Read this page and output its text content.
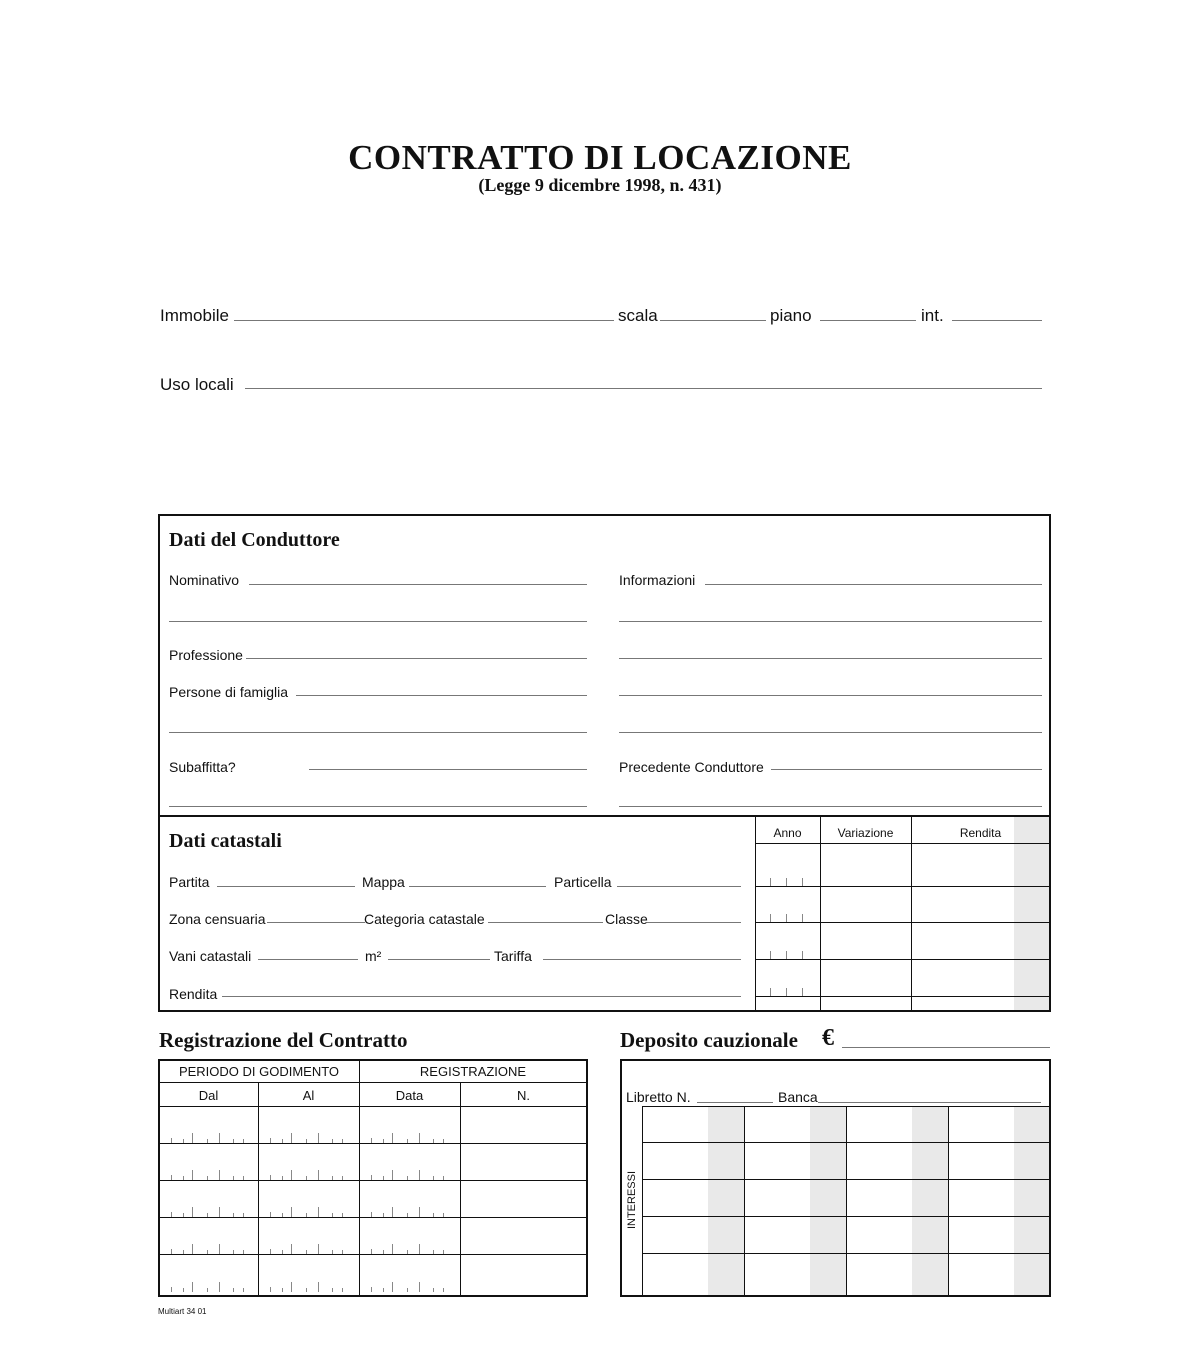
CONTRATTO DI LOCAZIONE
(Legge 9 dicembre 1998, n. 431)
Immobile	scala	piano	int.
Uso locali
Dati del Conduttore
Nominativo
Professione
Persone di famiglia
Subaffitta?
Informazioni
Precedente Conduttore
Anno	Variazione	Rendita
Dati catastali
Partita	Mappa	Particella
Zona censuaria	Categoria catastale	Classe
Vani catastali	m²	Tariffa
Rendita
Registrazione del Contratto
PERIODO DI GODIMENTO	REGISTRAZIONE
Dal	Al	Data	N.
Deposito cauzionale €
Libretto N.	Banca
INTERESSI
Multiart 34 01
